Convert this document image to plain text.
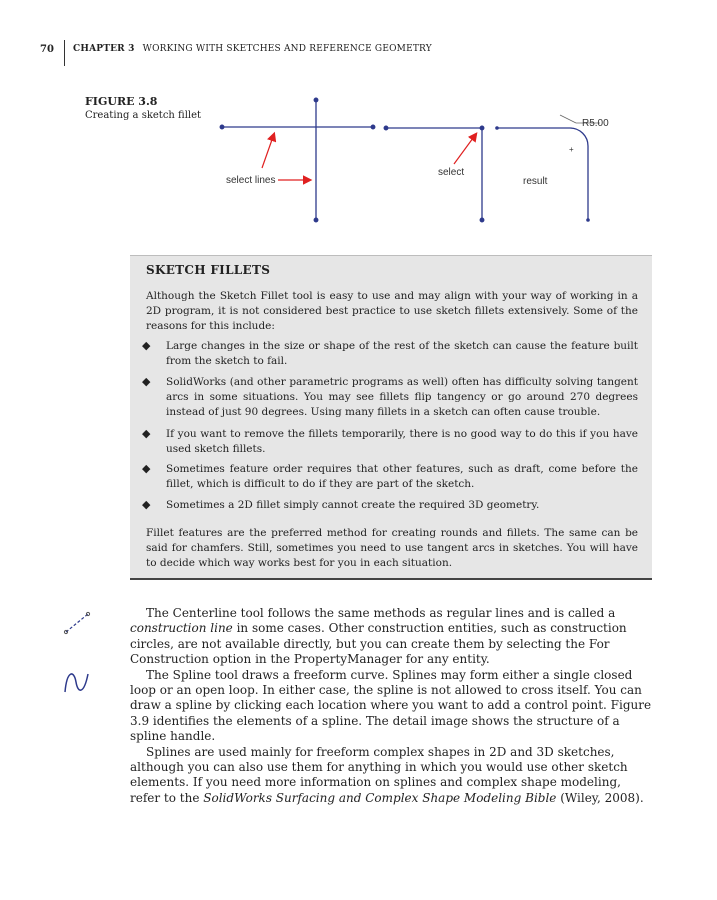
70 CHAPTER 3 WORKING WITH SKETCHES AND REFERENCE GEOMETRY
FIGURE 3.8
Creating a sketch fillet
select lines
select
R5.00
+
result
SKETCH FILLETS
Although the Sketch Fillet tool is easy to use and may align with your way of working in a 2D program, it is not considered best practice to use sketch fillets extensively. Some of the reasons for this include:
◆ Large changes in the size or shape of the rest of the sketch can cause the feature built from the sketch to fail.
◆ SolidWorks (and other parametric programs as well) often has difficulty solving tangent arcs in some situations. You may see fillets flip tangency or go around 270 degrees instead of just 90 degrees. Using many fillets in a sketch can often cause trouble.
◆ If you want to remove the fillets temporarily, there is no good way to do this if you have used sketch fillets.
◆ Sometimes feature order requires that other features, such as draft, come before the fillet, which is difficult to do if they are part of the sketch.
◆ Sometimes a 2D fillet simply cannot create the required 3D geometry.
Fillet features are the preferred method for creating rounds and fillets. The same can be said for chamfers. Still, sometimes you need to use tangent arcs in sketches. You will have to decide which way works best for you in each situation.

The Centerline tool follows the same methods as regular lines and is called a construction line in some cases. Other construction entities, such as construction circles, are not available directly, but you can create them by selecting the For Construction option in the PropertyManager for any entity.

The Spline tool draws a freeform curve. Splines may form either a single closed loop or an open loop. In either case, the spline is not allowed to cross itself. You can draw a spline by clicking each location where you want to add a control point. Figure 3.9 identifies the elements of a spline. The detail image shows the structure of a spline handle.

Splines are used mainly for freeform complex shapes in 2D and 3D sketches, although you can also use them for anything in which you would use other sketch elements. If you need more information on splines and complex shape modeling, refer to the SolidWorks Surfacing and Complex Shape Modeling Bible (Wiley, 2008).
